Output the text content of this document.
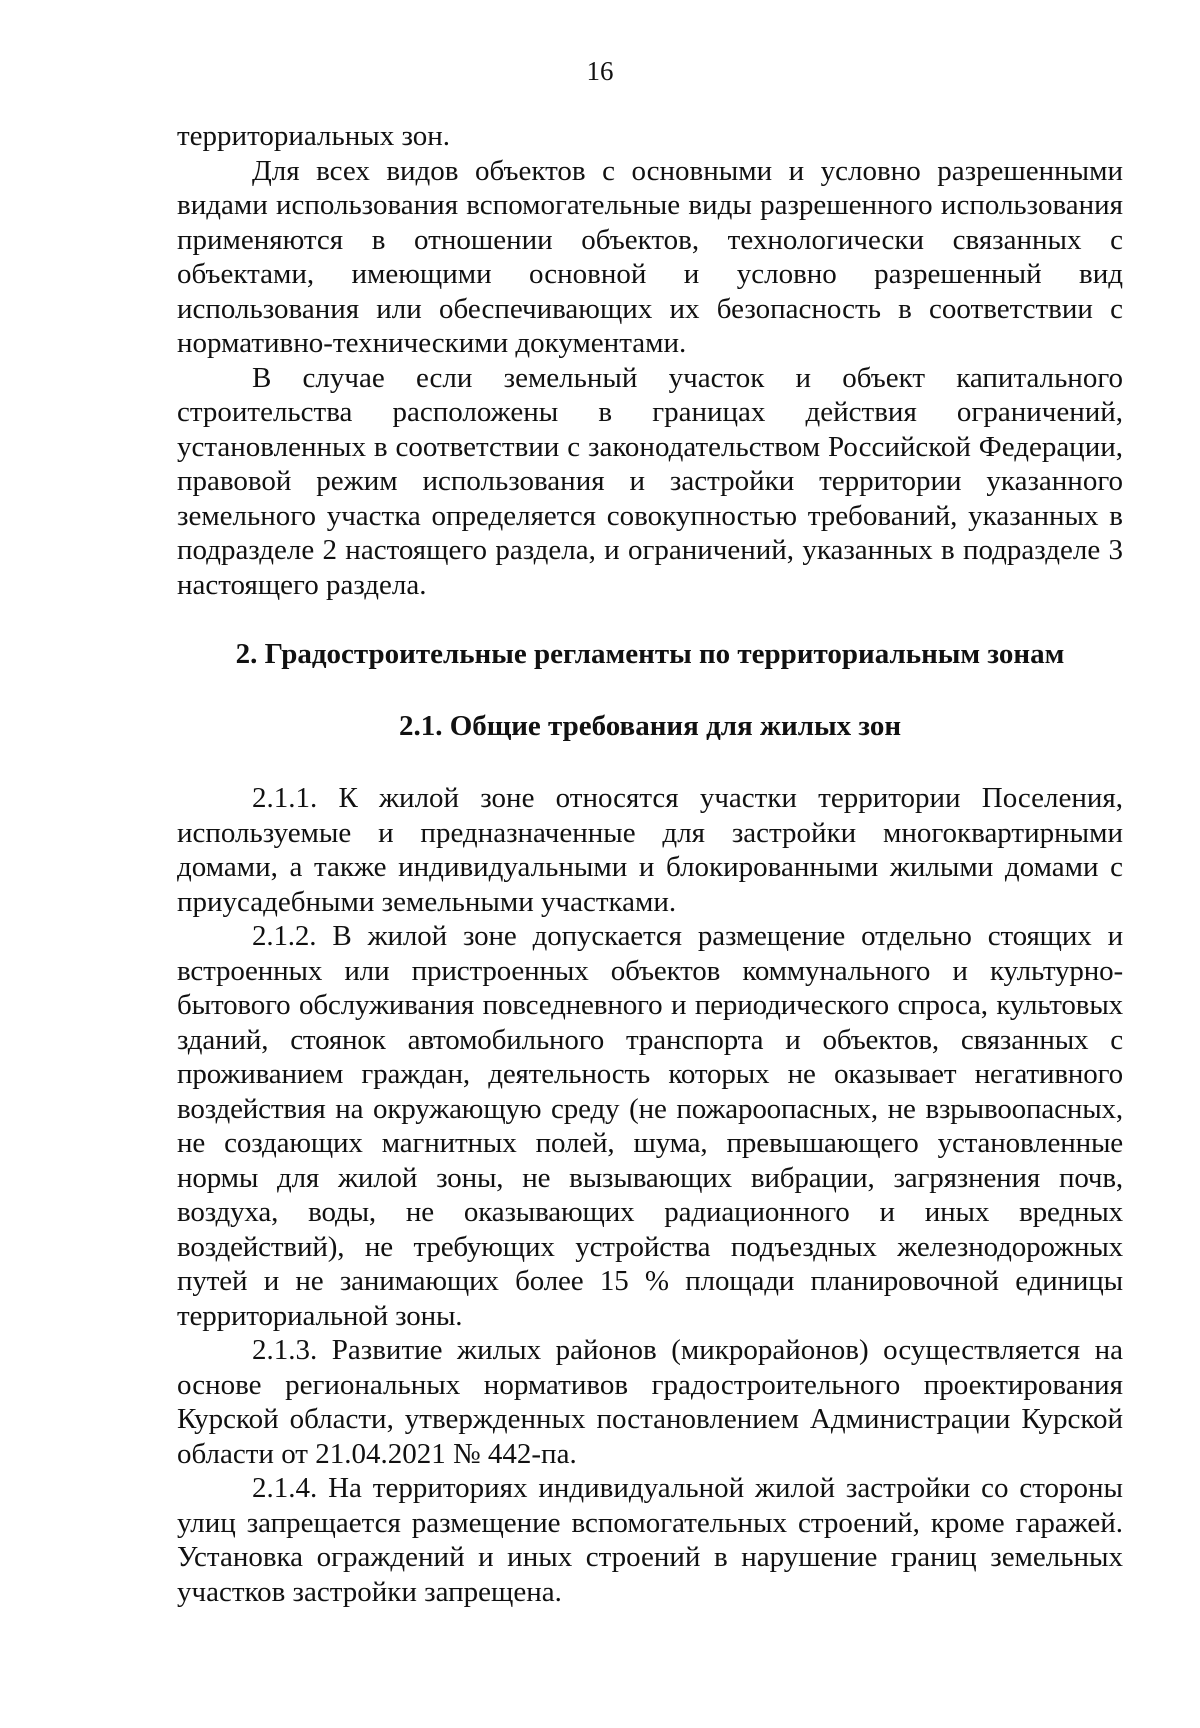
16

территориальных зон.

Для всех видов объектов с основными и условно разрешенными видами использования вспомогательные виды разрешенного использования применяются в отношении объектов, технологически связанных с объектами, имеющими основной и условно разрешенный вид использования или обеспечивающих их безопасность в соответствии с нормативно-техническими документами.

В случае если земельный участок и объект капитального строительства расположены в границах действия ограничений, установленных в соответствии с законодательством Российской Федерации, правовой режим использования и застройки территории указанного земельного участка определяется совокупностью требований, указанных в подразделе 2 настоящего раздела, и ограничений, указанных в подразделе 3 настоящего раздела.

2. Градостроительные регламенты по территориальным зонам
2.1. Общие требования для жилых зон

2.1.1. К жилой зоне относятся участки территории Поселения, используемые и предназначенные для застройки многоквартирными домами, а также индивидуальными и блокированными жилыми домами с приусадебными земельными участками.

2.1.2. В жилой зоне допускается размещение отдельно стоящих и встроенных или пристроенных объектов коммунального и культурно-бытового обслуживания повседневного и периодического спроса, культовых зданий, стоянок автомобильного транспорта и объектов, связанных с проживанием граждан, деятельность которых не оказывает негативного воздействия на окружающую среду (не пожароопасных, не взрывоопасных, не создающих магнитных полей, шума, превышающего установленные нормы для жилой зоны, не вызывающих вибрации, загрязнения почв, воздуха, воды, не оказывающих радиационного и иных вредных воздействий), не требующих устройства подъездных железнодорожных путей и не занимающих более 15 % площади планировочной единицы территориальной зоны.

2.1.3. Развитие жилых районов (микрорайонов) осуществляется на основе региональных нормативов градостроительного проектирования Курской области, утвержденных постановлением Администрации Курской области от 21.04.2021 № 442-па.

2.1.4. На территориях индивидуальной жилой застройки со стороны улиц запрещается размещение вспомогательных строений, кроме гаражей. Установка ограждений и иных строений в нарушение границ земельных участков застройки запрещена.
